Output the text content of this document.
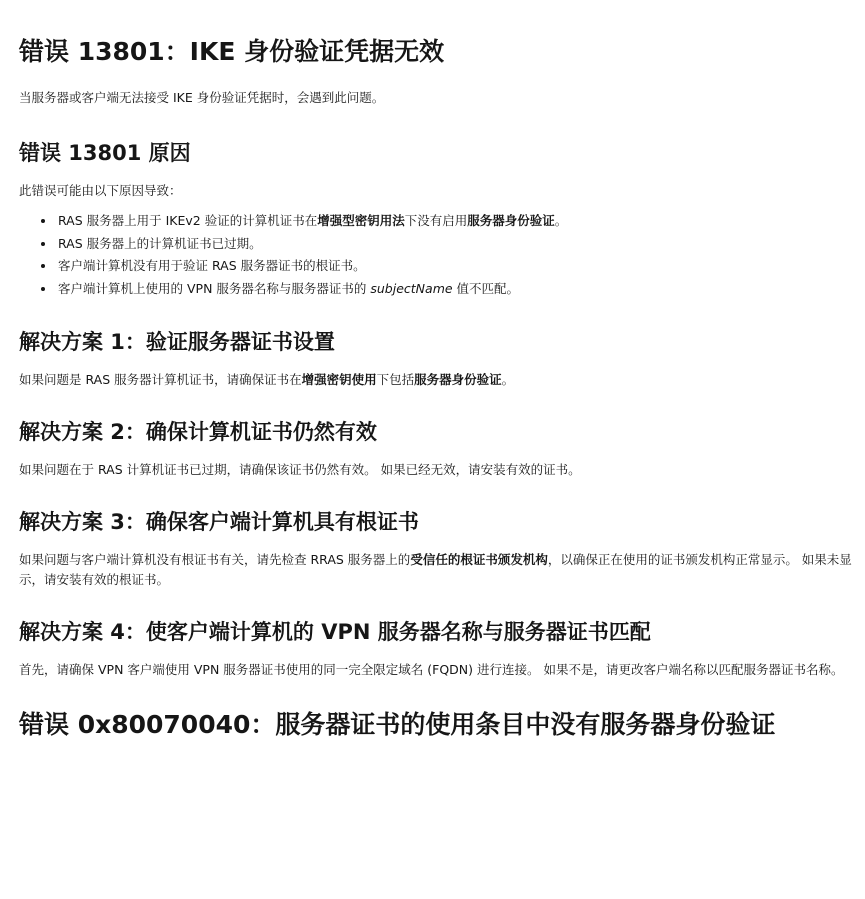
错误 13801：IKE 身份验证凭据无效

当服务器或客户端无法接受 IKE 身份验证凭据时，会遇到此问题。

错误 13801 原因

此错误可能由以下原因导致：

• RAS 服务器上用于 IKEv2 验证的计算机证书在增强型密钥用法下没有启用服务器身份验证。
• RAS 服务器上的计算机证书已过期。
• 客户端计算机没有用于验证 RAS 服务器证书的根证书。
• 客户端计算机上使用的 VPN 服务器名称与服务器证书的 subjectName 值不匹配。
解决方案 1：验证服务器证书设置

如果问题是 RAS 服务器计算机证书，请确保证书在增强密钥使用下包括服务器身份验证。

解决方案 2：确保计算机证书仍然有效

如果问题在于 RAS 计算机证书已过期，请确保该证书仍然有效。 如果已经无效，请安装有效的证书。

解决方案 3：确保客户端计算机具有根证书

如果问题与客户端计算机没有根证书有关，请先检查 RRAS 服务器上的受信任的根证书颁发机构，以确保正在使用的证书颁发机构正常显示。 如果未显示，请安装有效的根证书。

解决方案 4：使客户端计算机的 VPN 服务器名称与服务器证书匹配

首先，请确保 VPN 客户端使用 VPN 服务器证书使用的同一完全限定域名 (FQDN) 进行连接。 如果不是，请更改客户端名称以匹配服务器证书名称。

错误 0x80070040：服务器证书的使用条目中没有服务器身份验证
